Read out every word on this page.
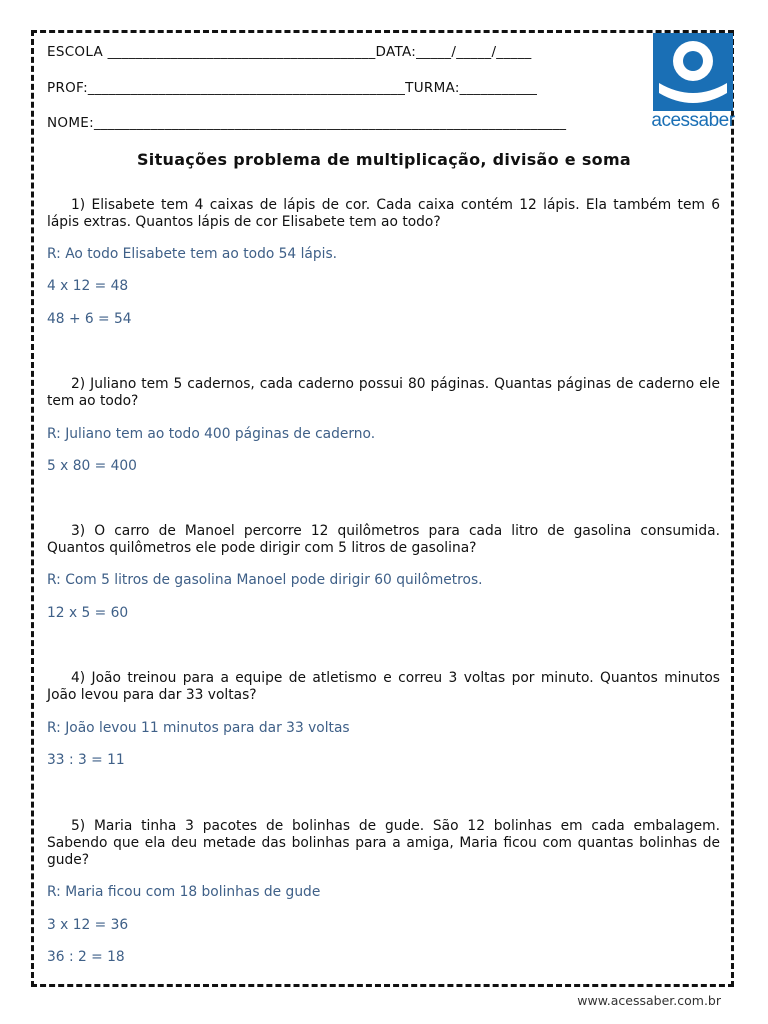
ESCOLA ______________________________________DATA:_____/_____/_____
PROF:_____________________________________________TURMA:___________
NOME:___________________________________________________________________	acessaber
Situações problema de multiplicação, divisão e soma
1) Elisabete tem 4 caixas de lápis de cor. Cada caixa contém 12 lápis. Ela também tem 6 lápis extras. Quantos lápis de cor Elisabete tem ao todo?
R: Ao todo Elisabete tem ao todo 54 lápis.
4 x 12 = 48
48 + 6 = 54
2) Juliano tem 5 cadernos, cada caderno possui 80 páginas. Quantas páginas de caderno ele tem ao todo?
R: Juliano tem ao todo 400 páginas de caderno.
5 x 80 = 400
3) O carro de Manoel percorre 12 quilômetros para cada litro de gasolina consumida. Quantos quilômetros ele pode dirigir com 5 litros de gasolina?
R: Com 5 litros de gasolina Manoel pode dirigir 60 quilômetros.
12 x 5 = 60
4) João treinou para a equipe de atletismo e correu 3 voltas por minuto. Quantos minutos João levou para dar 33 voltas?
R: João levou 11 minutos para dar 33 voltas
33 : 3 = 11
5) Maria tinha 3 pacotes de bolinhas de gude. São 12 bolinhas em cada embalagem. Sabendo que ela deu metade das bolinhas para a amiga, Maria ficou com quantas bolinhas de gude?
R: Maria ficou com 18 bolinhas de gude
3 x 12 = 36
36 : 2 = 18
www.acessaber.com.br
